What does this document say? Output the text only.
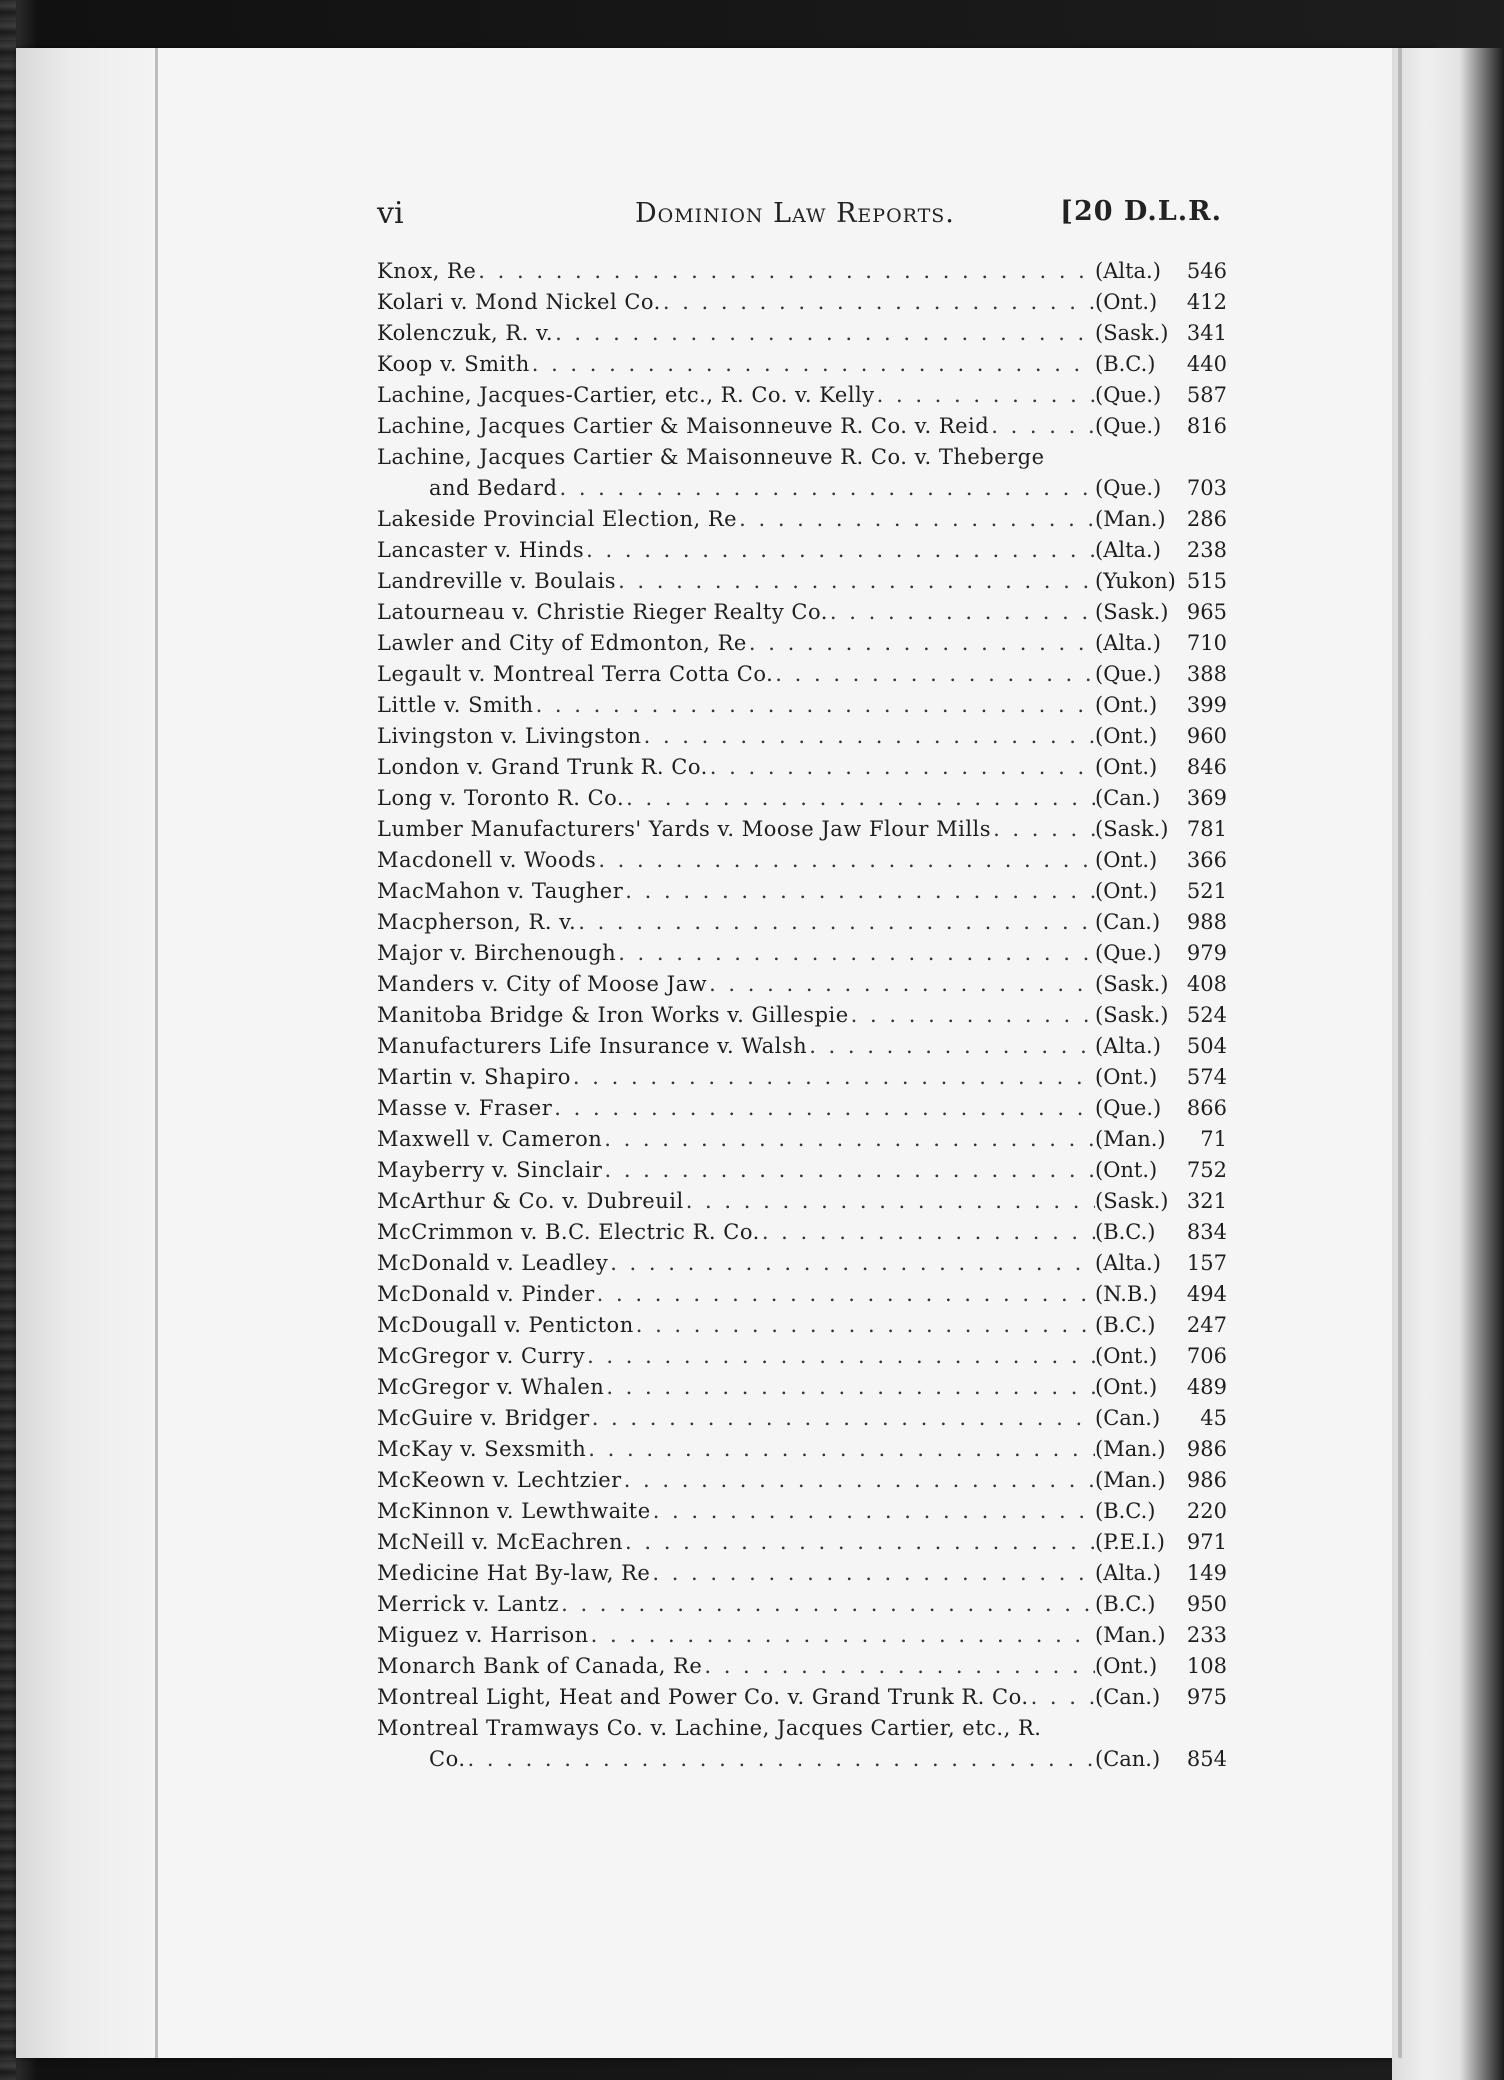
vi	Dominion Law Reports.	[20 D.L.R.
Knox, Re . . .	(Alta.)	546
Kolari v. Mond Nickel Co. . . .	(Ont.)	412
Kolenczuk, R. v. . . .	(Sask.) 341
Koop v. Smith . . .	(B.C.)	440
Lachine, Jacques-Cartier, etc., R. Co. v. Kelly . . .	(Que.)	587
Lachine, Jacques Cartier & Maisonneuve R. Co. v. Reid . . .	(Que.)	816
Lachine, Jacques Cartier & Maisonneuve R. Co. v. Theberge
and Bedard . . .	(Que.)	703
Lakeside Provincial Election, Re . . .	(Man.)	286
Lancaster v. Hinds . . .	(Alta.)	238
Landreville v. Boulais . . .	(Yukon) 515
Latourneau v. Christie Rieger Realty Co. . . .	(Sask.) 965
Lawler and City of Edmonton, Re . . .	(Alta.)	710
Legault v. Montreal Terra Cotta Co. . . .	(Que.)	388
Little v. Smith . . .	(Ont.)	399
Livingston v. Livingston . . .	(Ont.)	960
London v. Grand Trunk R. Co. . . .	(Ont.)	846
Long v. Toronto R. Co. . . .	(Can.)	369
Lumber Manufacturers' Yards v. Moose Jaw Flour Mills . . .	(Sask.) 781
Macdonell v. Woods . . .	(Ont.)	366
MacMahon v. Taugher . . .	(Ont.)	521
Macpherson, R. v. . . .	(Can.)	988
Major v. Birchenough . . .	(Que.)	979
Manders v. City of Moose Jaw . . .	(Sask.) 408
Manitoba Bridge & Iron Works v. Gillespie . . .	(Sask.) 524
Manufacturers Life Insurance v. Walsh . . .	(Alta.)	504
Martin v. Shapiro . . .	(Ont.)	574
Masse v. Fraser . . .	(Que.)	866
Maxwell v. Cameron . . .	(Man.)	71
Mayberry v. Sinclair . . .	(Ont.)	752
McArthur & Co. v. Dubreuil . . .	(Sask.) 321
McCrimmon v. B.C. Electric R. Co. . . .	(B.C.)	834
McDonald v. Leadley . . .	(Alta.)	157
McDonald v. Pinder . . .	(N.B.)	494
McDougall v. Penticton . . .	(B.C.)	247
McGregor v. Curry . . .	(Ont.)	706
McGregor v. Whalen . . .	(Ont.)	489
McGuire v. Bridger . . .	(Can.)	45
McKay v. Sexsmith . . .	(Man.)	986
McKeown v. Lechtzier . . .	(Man.)	986
McKinnon v. Lewthwaite . . .	(B.C.)	220
McNeill v. McEachren . . .	(P.E.I.)	971
Medicine Hat By-law, Re . . .	(Alta.)	149
Merrick v. Lantz . . .	(B.C.)	950
Miguez v. Harrison . . .	(Man.)	233
Monarch Bank of Canada, Re . . .	(Ont.)	108
Montreal Light, Heat and Power Co. v. Grand Trunk R. Co. . . .	(Can.)	975
Montreal Tramways Co. v. Lachine, Jacques Cartier, etc., R.
Co. . . .	(Can.)	854
